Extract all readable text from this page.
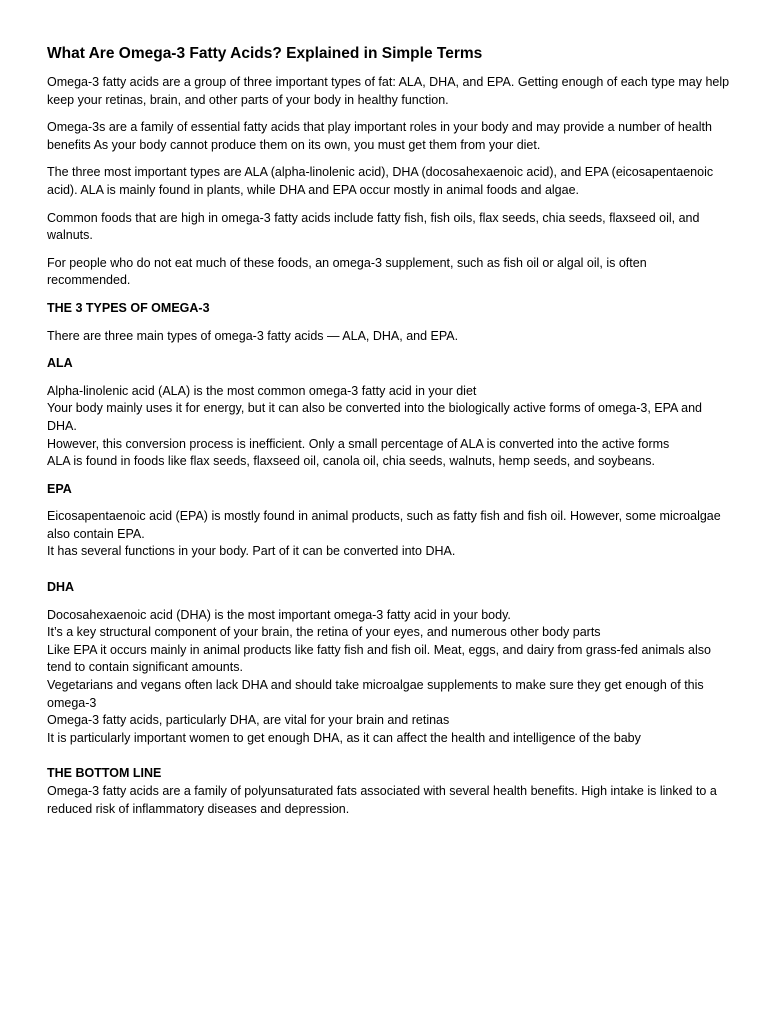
What Are Omega-3 Fatty Acids? Explained in Simple Terms

Omega-3 fatty acids are a group of three important types of fat: ALA, DHA, and EPA. Getting enough of each type may help keep your retinas, brain, and other parts of your body in healthy function.

Omega-3s are a family of essential fatty acids that play important roles in your body and may provide a number of health benefits As your body cannot produce them on its own, you must get them from your diet.

The three most important types are ALA (alpha-linolenic acid), DHA (docosahexaenoic acid), and EPA (eicosapentaenoic acid). ALA is mainly found in plants, while DHA and EPA occur mostly in animal foods and algae.

Common foods that are high in omega-3 fatty acids include fatty fish, fish oils, flax seeds, chia seeds, flaxseed oil, and walnuts.

For people who do not eat much of these foods, an omega-3 supplement, such as fish oil or algal oil, is often recommended.

THE 3 TYPES OF OMEGA-3

There are three main types of omega-3 fatty acids — ALA, DHA, and EPA.

ALA
Alpha-linolenic acid (ALA) is the most common omega-3 fatty acid in your diet
Your body mainly uses it for energy, but it can also be converted into the biologically active forms of omega-3, EPA and DHA.
However, this conversion process is inefficient. Only a small percentage of ALA is converted into the active forms
ALA is found in foods like flax seeds, flaxseed oil, canola oil, chia seeds, walnuts, hemp seeds, and soybeans.
EPA
Eicosapentaenoic acid (EPA) is mostly found in animal products, such as fatty fish and fish oil. However, some microalgae also contain EPA.
It has several functions in your body. Part of it can be converted into DHA.
DHA
Docosahexaenoic acid (DHA) is the most important omega-3 fatty acid in your body.
It’s a key structural component of your brain, the retina of your eyes, and numerous other body parts
Like EPA it occurs mainly in animal products like fatty fish and fish oil. Meat, eggs, and dairy from grass-fed animals also tend to contain significant amounts.
Vegetarians and vegans often lack DHA and should take microalgae supplements to make sure they get enough of this omega-3
Omega-3 fatty acids, particularly DHA, are vital for your brain and retinas
It is particularly important women to get enough DHA, as it can affect the health and intelligence of the baby
THE BOTTOM LINE

Omega-3 fatty acids are a family of polyunsaturated fats associated with several health benefits. High intake is linked to a reduced risk of inflammatory diseases and depression.
